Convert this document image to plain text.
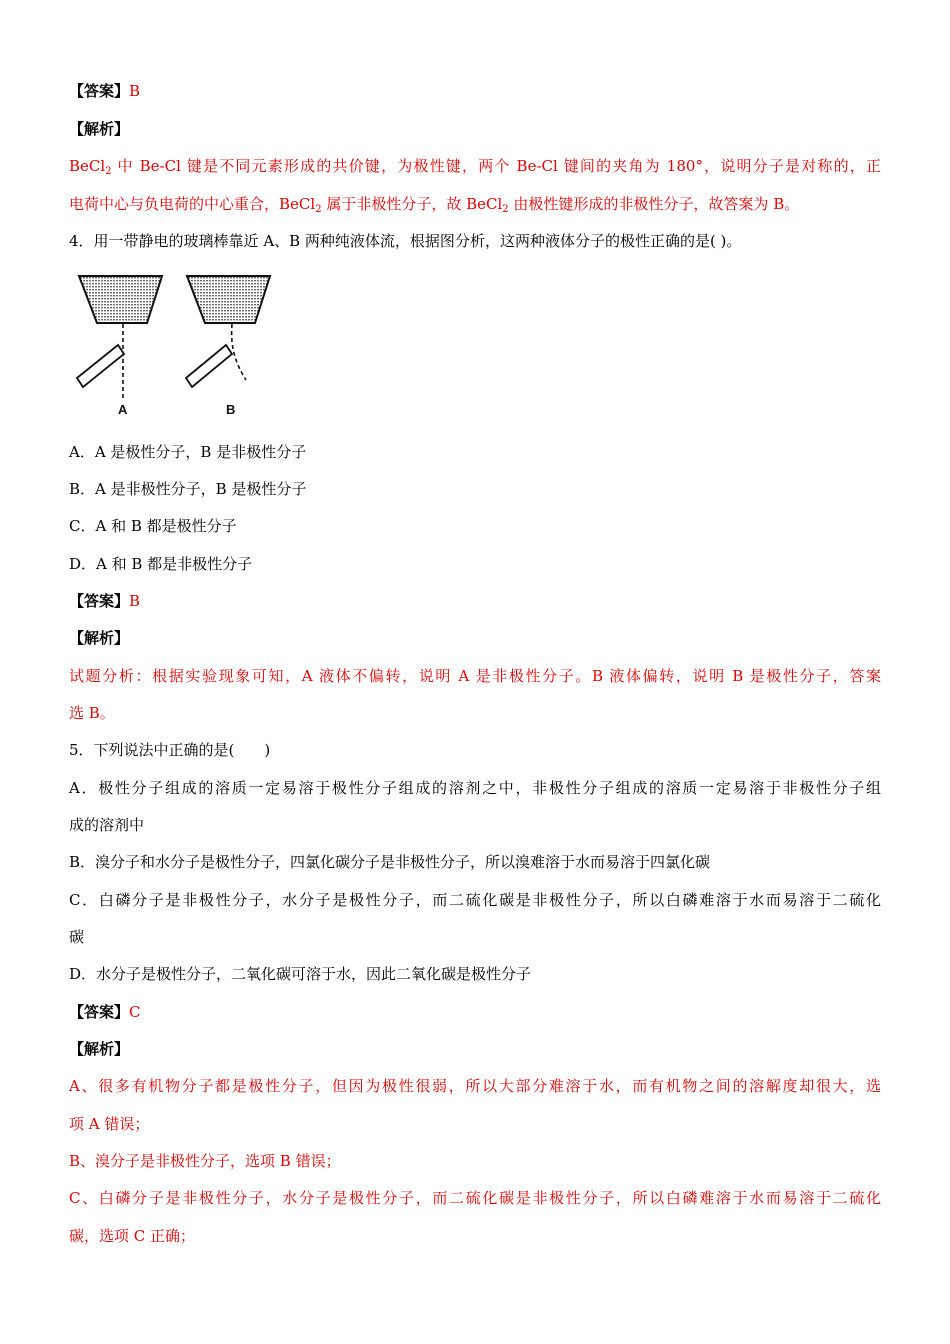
【答案】B
【解析】
BeCl$_2$ 中 Be-Cl 键是不同元素形成的共价键，为极性键，两个 Be-Cl 键间的夹角为 180°，说明分子是对称的，正
电荷中心与负电荷的中心重合，BeCl$_2$ 属于非极性分子，故 BeCl$_2$ 由极性键形成的非极性分子，故答案为 B。
4．用一带静电的玻璃棒靠近 A、B 两种纯液体流，根据图分析，这两种液体分子的极性正确的是( )。
A	B
A．A 是极性分子，B 是非极性分子
B．A 是非极性分子，B 是极性分子
C．A 和 B 都是极性分子
D．A 和 B 都是非极性分子
【答案】B
【解析】
试题分析：根据实验现象可知，A 液体不偏转，说明 A 是非极性分子。B 液体偏转，说明 B 是极性分子，答案
选 B。
5．下列说法中正确的是(　　)
A．极性分子组成的溶质一定易溶于极性分子组成的溶剂之中，非极性分子组成的溶质一定易溶于非极性分子组
成的溶剂中
B．溴分子和水分子是极性分子，四氯化碳分子是非极性分子，所以溴难溶于水而易溶于四氯化碳
C．白磷分子是非极性分子，水分子是极性分子，而二硫化碳是非极性分子，所以白磷难溶于水而易溶于二硫化
碳
D．水分子是极性分子，二氧化碳可溶于水，因此二氧化碳是极性分子
【答案】C
【解析】
A、很多有机物分子都是极性分子，但因为极性很弱，所以大部分难溶于水，而有机物之间的溶解度却很大，选
项 A 错误；
B、溴分子是非极性分子，选项 B 错误；
C、白磷分子是非极性分子，水分子是极性分子，而二硫化碳是非极性分子，所以白磷难溶于水而易溶于二硫化
碳，选项 C 正确；
